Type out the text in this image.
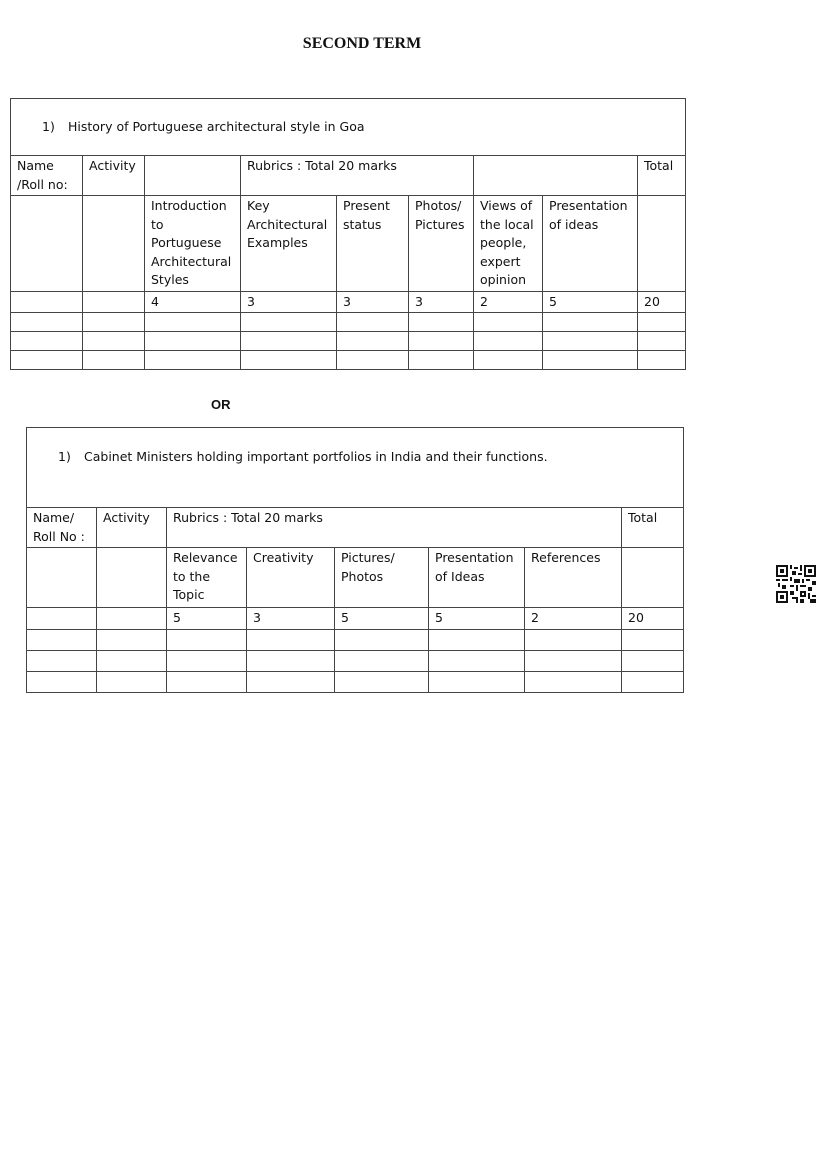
SECOND TERM
1) History of Portuguese architectural style in Goa								
Name /Roll no:	Activity		Rubrics : Total 20 marks					Total
		Introduction to Portuguese Architectural Styles	Key Architectural Examples	Present status	Photos/ Pictures	Views of the local people, expert opinion	Presentation of ideas	
		4	3	3	3	2	5	20

OR
1) Cabinet Ministers holding important portfolios in India and their functions.							
Name/ Roll No :	Activity	Rubrics : Total 20 marks					Total
		Relevance to the Topic	Creativity	Pictures/ Photos	Presentation of Ideas	References	
		5	3	5	5	2	20
